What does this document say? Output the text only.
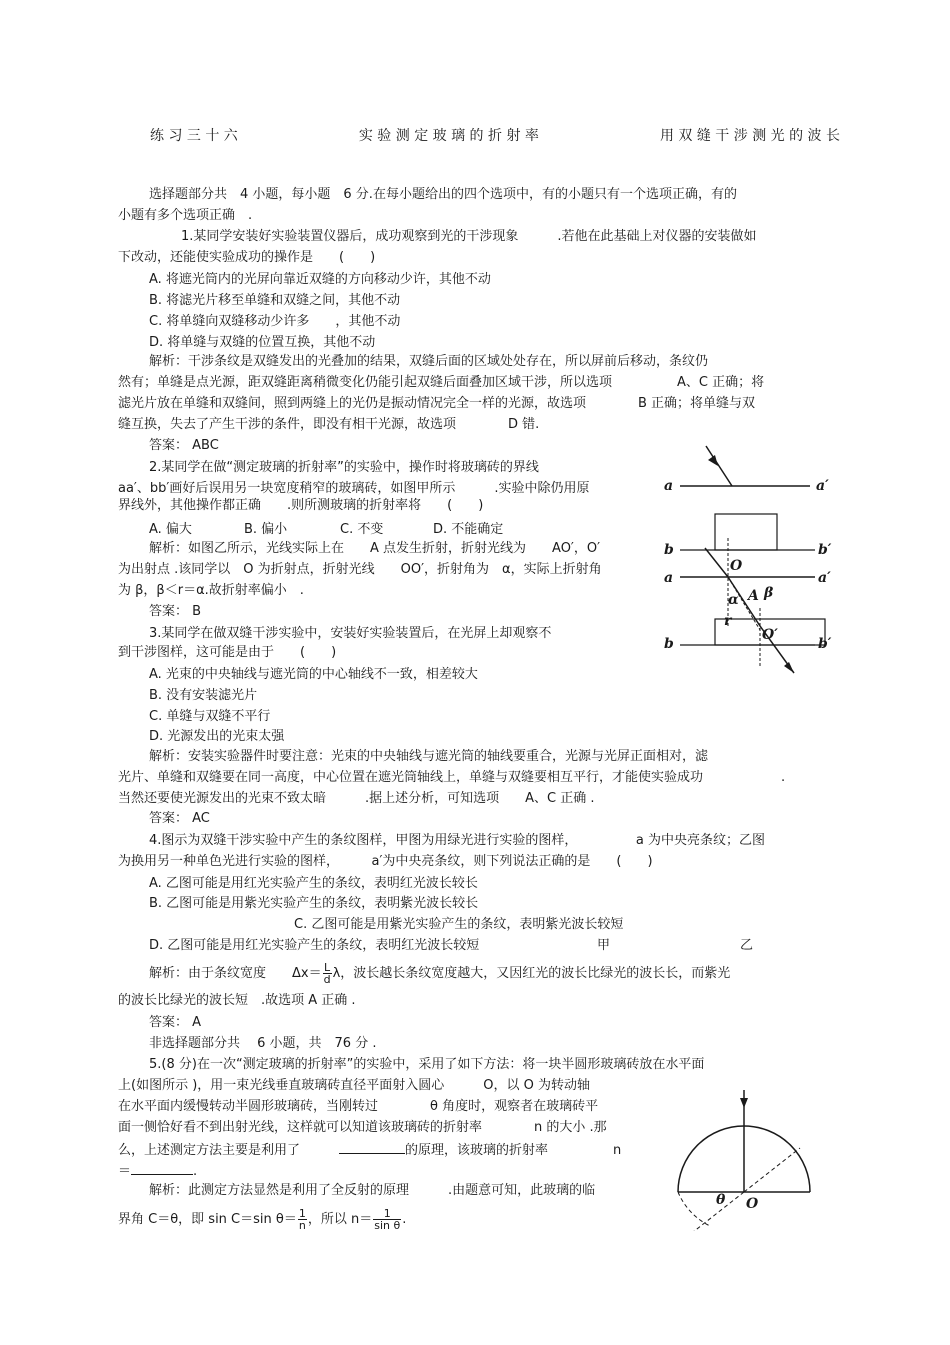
练 习 三 十 六	实 验 测 定 玻 璃 的 折 射 率	用 双 缝 干 涉 测 光 的 波 长
选择题部分共　4 小题，每小题　6 分.在每小题给出的四个选项中，有的小题只有一个选项正确，有的
小题有多个选项正确　.
1.某同学安装好实验装置仪器后，成功观察到光的干涉现象　　　.若他在此基础上对仪器的安装做如
下改动，还能使实验成功的操作是　　(　　)
A. 将遮光筒内的光屏向靠近双缝的方向移动少许，其他不动
B. 将滤光片移至单缝和双缝之间，其他不动
C. 将单缝向双缝移动少许多　　，其他不动
D. 将单缝与双缝的位置互换，其他不动
解析：干涉条纹是双缝发出的光叠加的结果，双缝后面的区域处处存在，所以屏前后移动，条纹仍
然有；单缝是点光源，距双缝距离稍微变化仍能引起双缝后面叠加区域干涉，所以选项　　　　　A、C 正确；将
滤光片放在单缝和双缝间，照到两缝上的光仍是振动情况完全一样的光源，故选项　　　　B 正确；将单缝与双
缝互换，失去了产生干涉的条件，即没有相干光源，故选项　　　　D 错.
答案： ABC
2.某同学在做“测定玻璃的折射率”的实验中，操作时将玻璃砖的界线
aa′、bb′画好后误用另一块宽度稍窄的玻璃砖，如图甲所示　　　.实验中除仍用原
界线外，其他操作都正确　　.则所测玻璃的折射率将　　(　　)
A. 偏大	B. 偏小	C. 不变	D. 不能确定
解析：如图乙所示，光线实际上在　　A 点发生折射，折射光线为　　AO′，O′
为出射点 .该同学以　O 为折射点，折射光线　　OO′，折射角为　α，实际上折射角
为 β，β＜r＝α.故折射率偏小　.
答案： B
3.某同学在做双缝干涉实验中，安装好实验装置后，在光屏上却观察不
到干涉图样，这可能是由于　　(　　)
A. 光束的中央轴线与遮光筒的中心轴线不一致，相差较大
B. 没有安装滤光片
C. 单缝与双缝不平行
D. 光源发出的光束太强
解析：安装实验器件时要注意：光束的中央轴线与遮光筒的轴线要重合，光源与光屏正面相对，滤
光片、单缝和双缝要在同一高度，中心位置在遮光筒轴线上，单缝与双缝要相互平行，才能使实验成功　　　　　　.
当然还要使光源发出的光束不致太暗　　　.据上述分析，可知选项　　A、C 正确 .
答案： AC
4.图示为双缝干涉实验中产生的条纹图样，甲图为用绿光进行实验的图样，　　　　　a 为中央亮条纹；乙图
为换用另一种单色光进行实验的图样，　　　a′为中央亮条纹，则下列说法正确的是　　(　　)
A. 乙图可能是用红光实验产生的条纹，表明红光波长较长
B. 乙图可能是用紫光实验产生的条纹，表明紫光波长较长
C. 乙图可能是用紫光实验产生的条纹，表明紫光波长较短
D. 乙图可能是用红光实验产生的条纹，表明红光波长较短	甲	乙
解析：由于条纹宽度　　$\Delta x= \frac{L}{d}$ λ，波长越长条纹宽度越大，又因红光的波长比绿光的波长长，而紫光
的波长比绿光的波长短　.故选项 A 正确 .
答案： A
非选择题部分共　 6 小题，共　76 分 .
5.(8 分)在一次“测定玻璃的折射率”的实验中，采用了如下方法：将一块半圆形玻璃砖放在水平面
上(如图所示 )，用一束光线垂直玻璃砖直径平面射入圆心　　　O，以 O 为转动轴
在水平面内缓慢转动半圆形玻璃砖，当刚转过　　　　θ 角度时，观察者在玻璃砖平
面一侧恰好看不到出射光线，这样就可以知道该玻璃砖的折射率　　　　n 的大小 .那
么，上述测定方法主要是利用了　　　	的原理，该玻璃的折射率　　　　　n
＝	.
解析：此测定方法显然是利用了全反射的原理　　　.由题意可知，此玻璃的临
界角 C＝θ，即 sin C＝sin $\theta= \frac{1}{n}$ ，所以 $n= \frac{1}{\text{sin θ}}$ .
a	a′
b	b′
a	a′
b	b′
O
A
α β
r
O′
θ O
